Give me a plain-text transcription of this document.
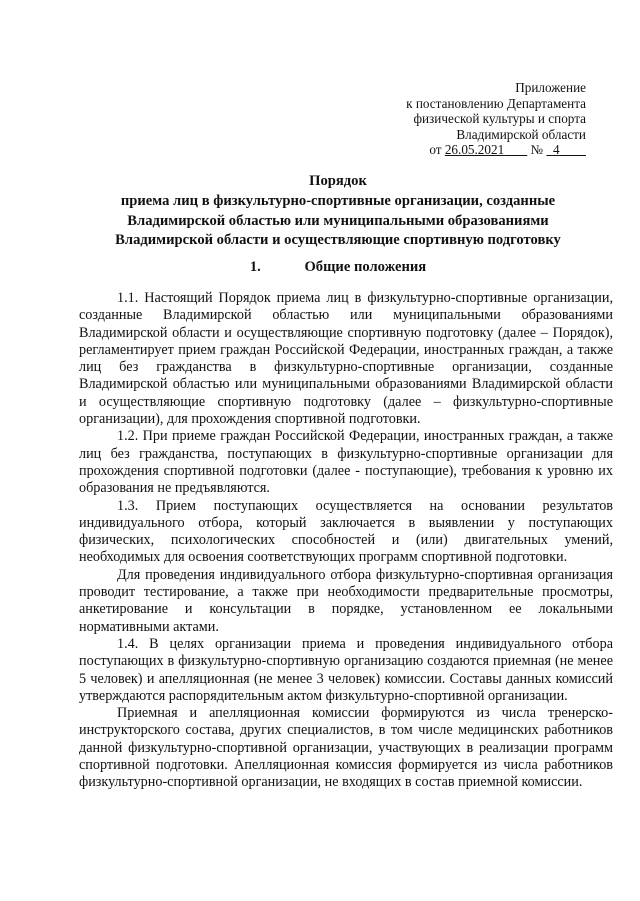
Приложение
к постановлению Департамента
физической культуры и спорта
Владимирской области
от 26.05.2021 № 4
Порядок
приема лиц в физкультурно-спортивные организации, созданные
Владимирской областью или муниципальными образованиями
Владимирской области и осуществляющие спортивную подготовку
1.	Общие положения

1.1. Настоящий Порядок приема лиц в физкультурно-спортивные организации, созданные Владимирской областью или муниципальными образованиями Владимирской области и осуществляющие спортивную подготовку (далее – Порядок), регламентирует прием граждан Российской Федерации, иностранных граждан, а также лиц без гражданства в физкультурно-спортивные организации, созданные Владимирской областью или муниципальными образованиями Владимирской области и осуществляющие спортивную подготовку (далее – физкультурно-спортивные организации), для прохождения спортивной подготовки.

1.2. При приеме граждан Российской Федерации, иностранных граждан, а также лиц без гражданства, поступающих в физкультурно-спортивные организации для прохождения спортивной подготовки (далее - поступающие), требования к уровню их образования не предъявляются.

1.3. Прием поступающих осуществляется на основании результатов индивидуального отбора, который заключается в выявлении у поступающих физических, психологических способностей и (или) двигательных умений, необходимых для освоения соответствующих программ спортивной подготовки.

Для проведения индивидуального отбора физкультурно-спортивная организация проводит тестирование, а также при необходимости предварительные просмотры, анкетирование и консультации в порядке, установленном ее локальными нормативными актами.

1.4. В целях организации приема и проведения индивидуального отбора поступающих в физкультурно-спортивную организацию создаются приемная (не менее 5 человек) и апелляционная (не менее 3 человек) комиссии. Составы данных комиссий утверждаются распорядительным актом физкультурно-спортивной организации.

Приемная и апелляционная комиссии формируются из числа тренерско-инструкторского состава, других специалистов, в том числе медицинских работников данной физкультурно-спортивной организации, участвующих в реализации программ спортивной подготовки. Апелляционная комиссия формируется из числа работников физкультурно-спортивной организации, не входящих в состав приемной комиссии.
